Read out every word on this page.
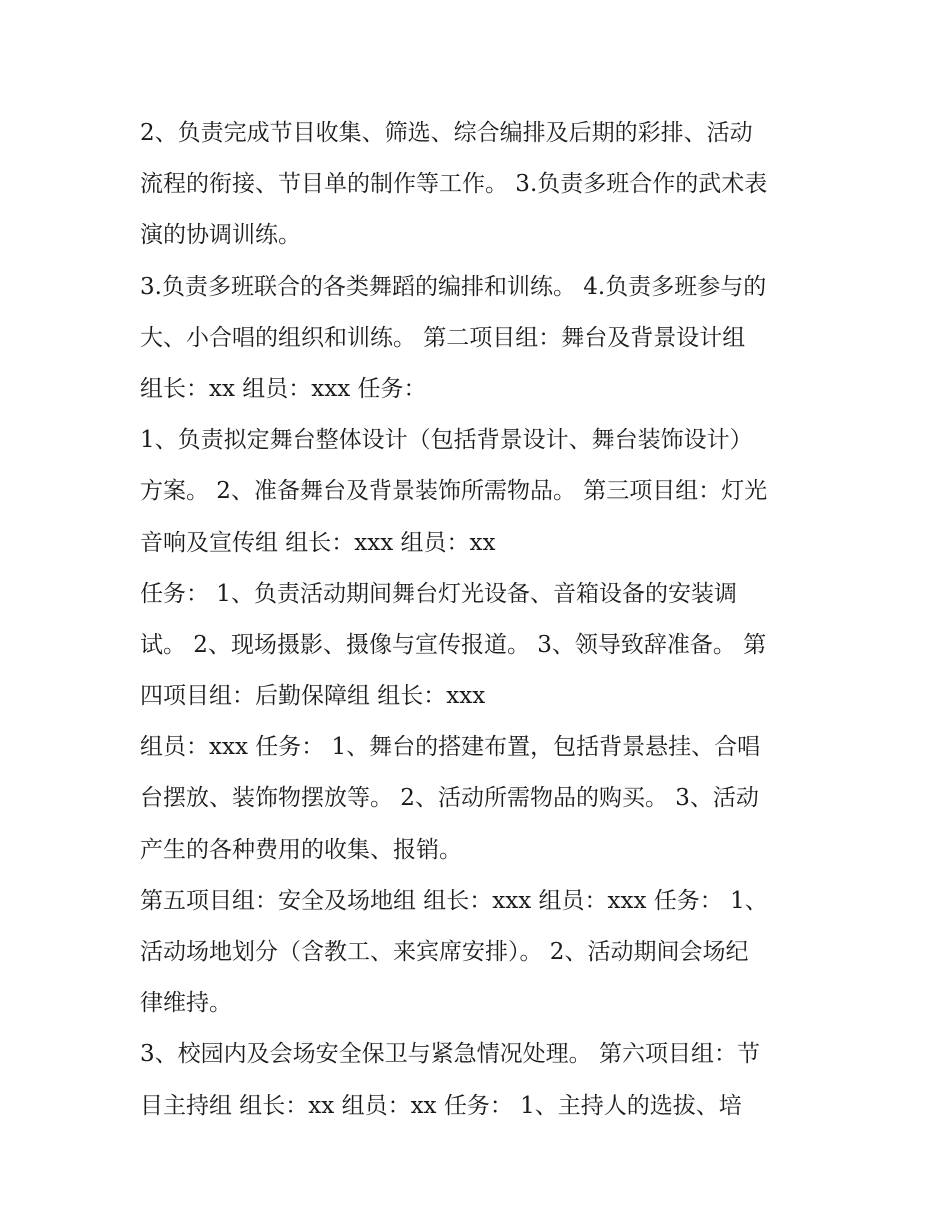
2、负责完成节目收集、筛选、综合编排及后期的彩排、活动
流程的衔接、节目单的制作等工作。 3.负责多班合作的武术表
演的协调训练。
3.负责多班联合的各类舞蹈的编排和训练。 4.负责多班参与的
大、小合唱的组织和训练。 第二项目组：舞台及背景设计组
组长：xx 组员：xxx 任务：
1、负责拟定舞台整体设计（包括背景设计、舞台装饰设计）
方案。 2、准备舞台及背景装饰所需物品。 第三项目组：灯光
音响及宣传组 组长：xxx 组员：xx
任务： 1、负责活动期间舞台灯光设备、音箱设备的安装调
试。 2、现场摄影、摄像与宣传报道。 3、领导致辞准备。 第
四项目组：后勤保障组 组长：xxx
组员：xxx 任务： 1、舞台的搭建布置，包括背景悬挂、合唱
台摆放、装饰物摆放等。 2、活动所需物品的购买。 3、活动
产生的各种费用的收集、报销。
第五项目组：安全及场地组 组长：xxx 组员：xxx 任务： 1、
活动场地划分（含教工、来宾席安排）。 2、活动期间会场纪
律维持。
3、校园内及会场安全保卫与紧急情况处理。 第六项目组：节
目主持组 组长：xx 组员：xx 任务： 1、主持人的选拔、培
